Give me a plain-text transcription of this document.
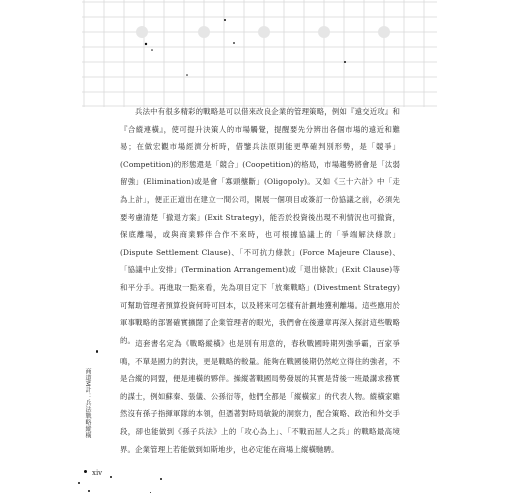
兵法中有很多精彩的戰略是可以借來改良企業的管理策略，例如『遠交近攻』和『合縱連橫』，使可提升決策人的市場觸覺，提醒要先分辨出各個市場的遠近和難易；在做宏觀市場經濟分析時，借鑒兵法原則能更準確判別形勢，是「競爭」(Competition)的形態還是「競合」(Coopetition)的格局，市場趨勢將會是「汰弱留強」(Elimination)或是會「寡頭壟斷」(Oligopoly)。又如《三十六計》中「走為上計」，便正正道出在建立一間公司，開展一個項目或簽訂一份協議之前，必須先要考慮清楚「撤退方案」(Exit Strategy)，能否於投資後出現不利情況也可撤資，保底離場，或與商業夥伴合作不來時，也可根據協議上的「爭端解決條款」(Dispute Settlement Clause)、「不可抗力條款」(Force Majeure Clause)、「協議中止安排」(Termination Arrangement)或「退出條款」(Exit Clause)等和平分手。再進取一點來看，先為項目定下「放棄戰略」(Divestment Strategy)可幫助管理者預算投資何時可回本，以及將來可怎樣有計劃地獲利離場。這些應用於軍事戰略的部署確實擴闊了企業管理者的眼光，我們會在後邊章再深入探討這些戰略的。 這套書名定為《戰略縱橫》也是別有用意的，春秋戰國時期列強爭霸，百家爭鳴，不單是國力的對決，更是戰略的較量。能夠在戰國後期仍然屹立得住的強者，不是合縱的同盟，便是連橫的夥伴。操縱著戰國局勢發展的其實是背後一班最講求務實的謀士，例如蘇秦、張儀、公孫衍等，他們全都是「縱橫家」的代表人物。縱橫家雖然沒有孫子指揮軍隊的本領，但憑著對時局敏銳的洞察力，配合策略、政治和外交手段，卻也能做到《孫子兵法》上的「攻心為上」、「不戰而屈人之兵」的戰略最高境界。企業管理上若能做到如斯地步，也必定能在商場上縱橫馳騁。
商道M計：兵法戰略縱橫
xiv
